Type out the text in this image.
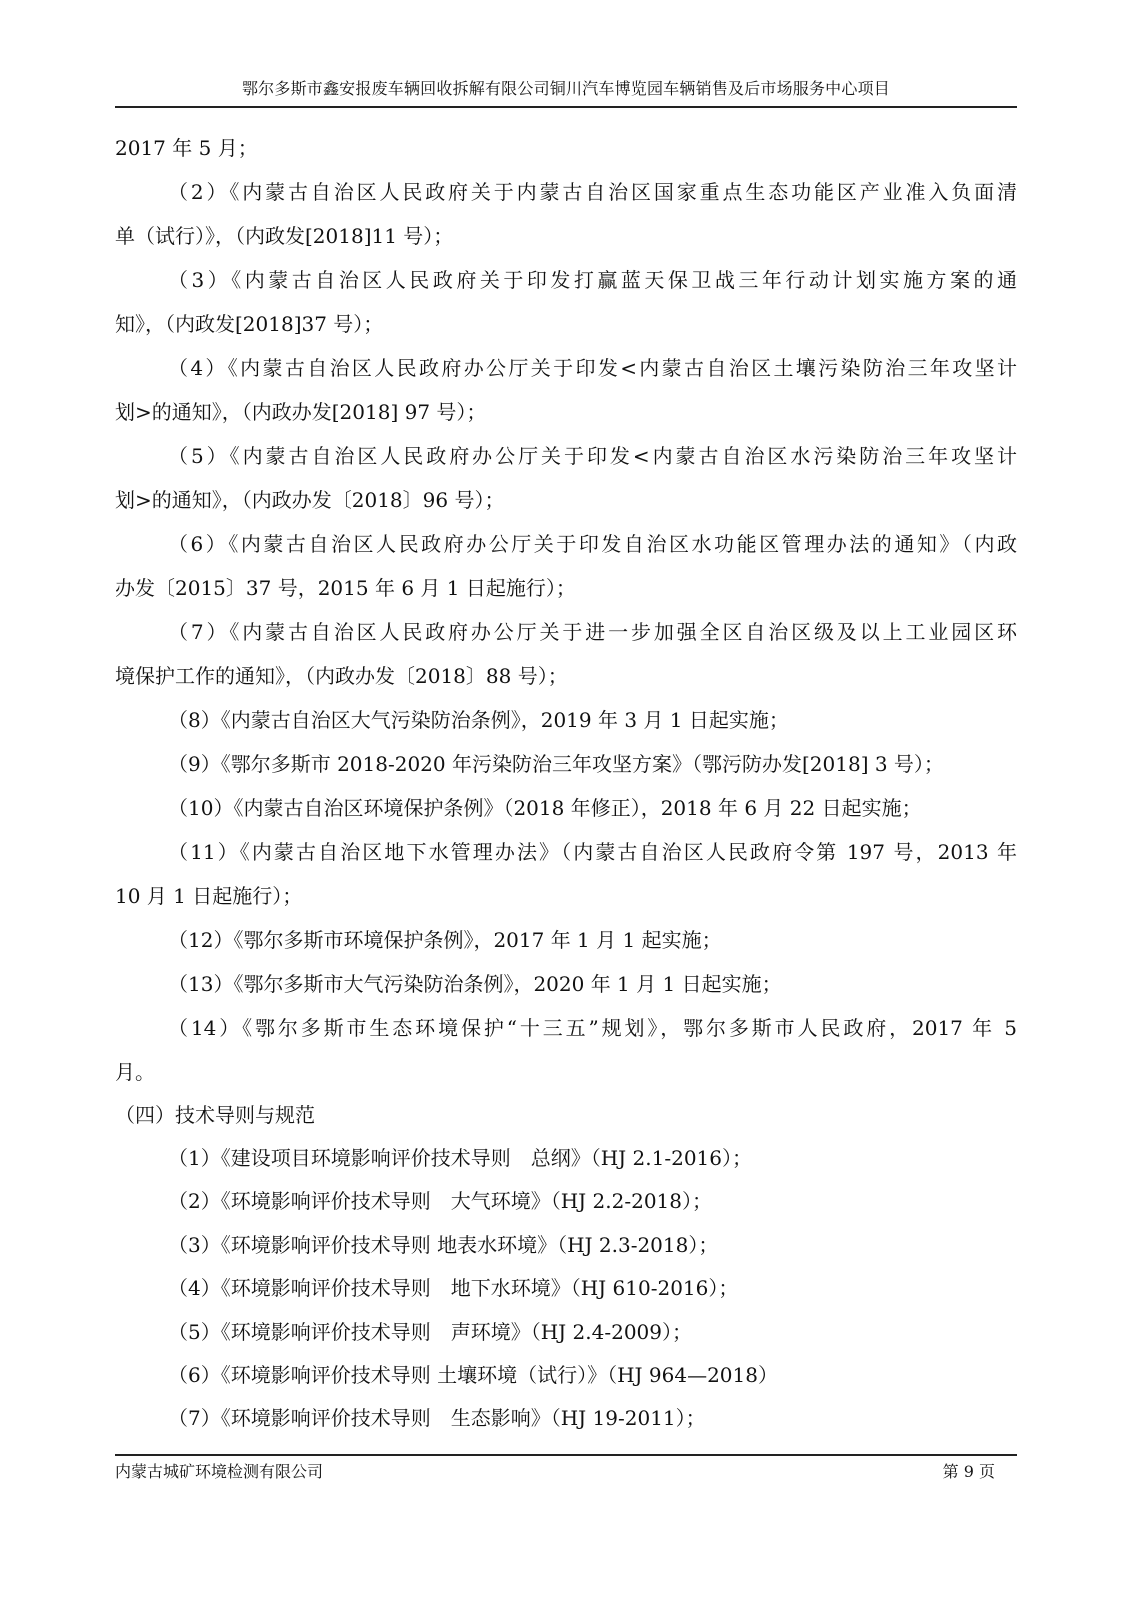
鄂尔多斯市鑫安报废车辆回收拆解有限公司铜川汽车博览园车辆销售及后市场服务中心项目
2017 年 5 月；
（2）《内蒙古自治区人民政府关于内蒙古自治区国家重点生态功能区产业准入负面清
单（试行）》，（内政发[2018]11 号）；
（3）《内蒙古自治区人民政府关于印发打赢蓝天保卫战三年行动计划实施方案的通
知》，（内政发[2018]37 号）；
（4）《内蒙古自治区人民政府办公厅关于印发<内蒙古自治区土壤污染防治三年攻坚计
划>的通知》，（内政办发[2018] 97 号）；
（5）《内蒙古自治区人民政府办公厅关于印发<内蒙古自治区水污染防治三年攻坚计
划>的通知》，（内政办发〔2018〕96 号）；
（6）《内蒙古自治区人民政府办公厅关于印发自治区水功能区管理办法的通知》（内政
办发〔2015〕37 号，2015 年 6 月 1 日起施行）；
（7）《内蒙古自治区人民政府办公厅关于进一步加强全区自治区级及以上工业园区环
境保护工作的通知》，（内政办发〔2018〕88 号）；
（8）《内蒙古自治区大气污染防治条例》，2019 年 3 月 1 日起实施；
（9）《鄂尔多斯市 2018-2020 年污染防治三年攻坚方案》（鄂污防办发[2018] 3 号）；
（10）《内蒙古自治区环境保护条例》（2018 年修正），2018 年 6 月 22 日起实施；
（11）《内蒙古自治区地下水管理办法》（内蒙古自治区人民政府令第 197 号，2013 年
10 月 1 日起施行）；
（12）《鄂尔多斯市环境保护条例》，2017 年 1 月 1 起实施；
（13）《鄂尔多斯市大气污染防治条例》，2020 年 1 月 1 日起实施；
（14）《鄂尔多斯市生态环境保护“十三五”规划》，鄂尔多斯市人民政府，2017 年 5
月。
（四）技术导则与规范
（1）《建设项目环境影响评价技术导则　总纲》（HJ 2.1-2016）；
（2）《环境影响评价技术导则　大气环境》（HJ 2.2-2018）；
（3）《环境影响评价技术导则 地表水环境》（HJ 2.3-2018）；
（4）《环境影响评价技术导则　地下水环境》（HJ 610-2016）；
（5）《环境影响评价技术导则　声环境》（HJ 2.4-2009）；
（6）《环境影响评价技术导则 土壤环境（试行）》（HJ 964—2018）
（7）《环境影响评价技术导则　生态影响》（HJ 19-2011）；
内蒙古城矿环境检测有限公司	第 9 页
